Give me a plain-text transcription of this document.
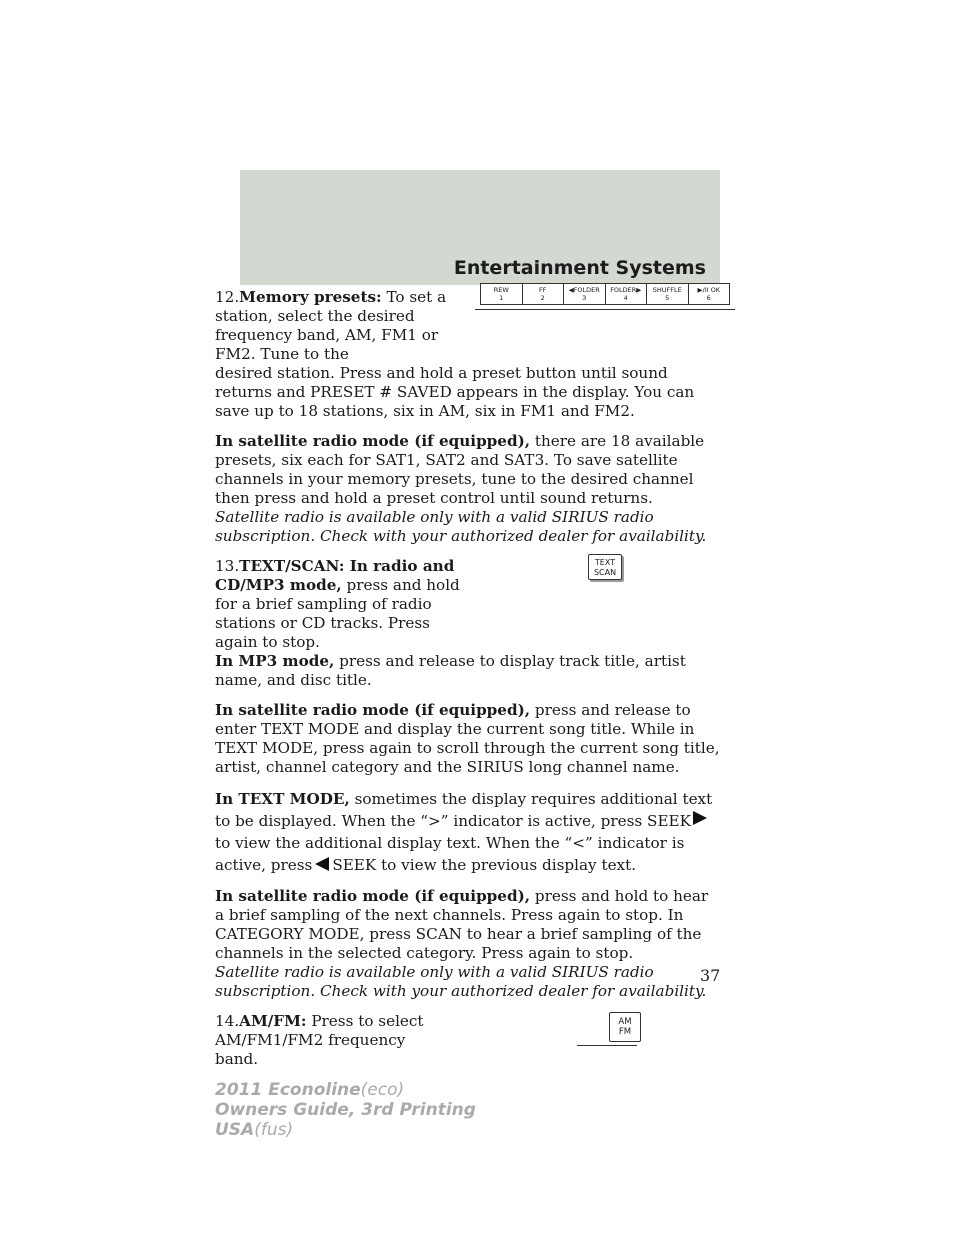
Entertainment Systems
REW
1
FF
2
◀FOLDER
3
FOLDER▶
4
SHUFFLE
5
▶/II OK
6

12.Memory presets: To set a station, select the desired frequency band, AM, FM1 or FM2. Tune to the

desired station. Press and hold a preset button until sound returns and PRESET # SAVED appears in the display. You can save up to 18 stations, six in AM, six in FM1 and FM2.

In satellite radio mode (if equipped), there are 18 available presets, six each for SAT1, SAT2 and SAT3. To save satellite channels in your memory presets, tune to the desired channel then press and hold a preset control until sound returns.
Satellite radio is available only with a valid SIRIUS radio subscription. Check with your authorized dealer for availability.

TEXT
SCAN

13.TEXT/SCAN: In radio and CD/MP3 mode, press and hold for a brief sampling of radio stations or CD tracks. Press again to stop.

In MP3 mode, press and release to display track title, artist name, and disc title.

In satellite radio mode (if equipped), press and release to enter TEXT MODE and display the current song title. While in TEXT MODE, press again to scroll through the current song title, artist, channel category and the SIRIUS long channel name.

In TEXT MODE, sometimes the display requires additional text to be displayed. When the “>” indicator is active, press SEEKto view the additional display text. When the “<” indicator is active, press SEEK to view the previous display text.

In satellite radio mode (if equipped), press and hold to hear a brief sampling of the next channels. Press again to stop. In CATEGORY MODE, press SCAN to hear a brief sampling of the channels in the selected category. Press again to stop.
Satellite radio is available only with a valid SIRIUS radio subscription. Check with your authorized dealer for availability.

AM
FM

14.AM/FM: Press to select AM/FM1/FM2 frequency band.

37
2011 Econoline(eco)
Owners Guide, 3rd Printing
USA(fus)
